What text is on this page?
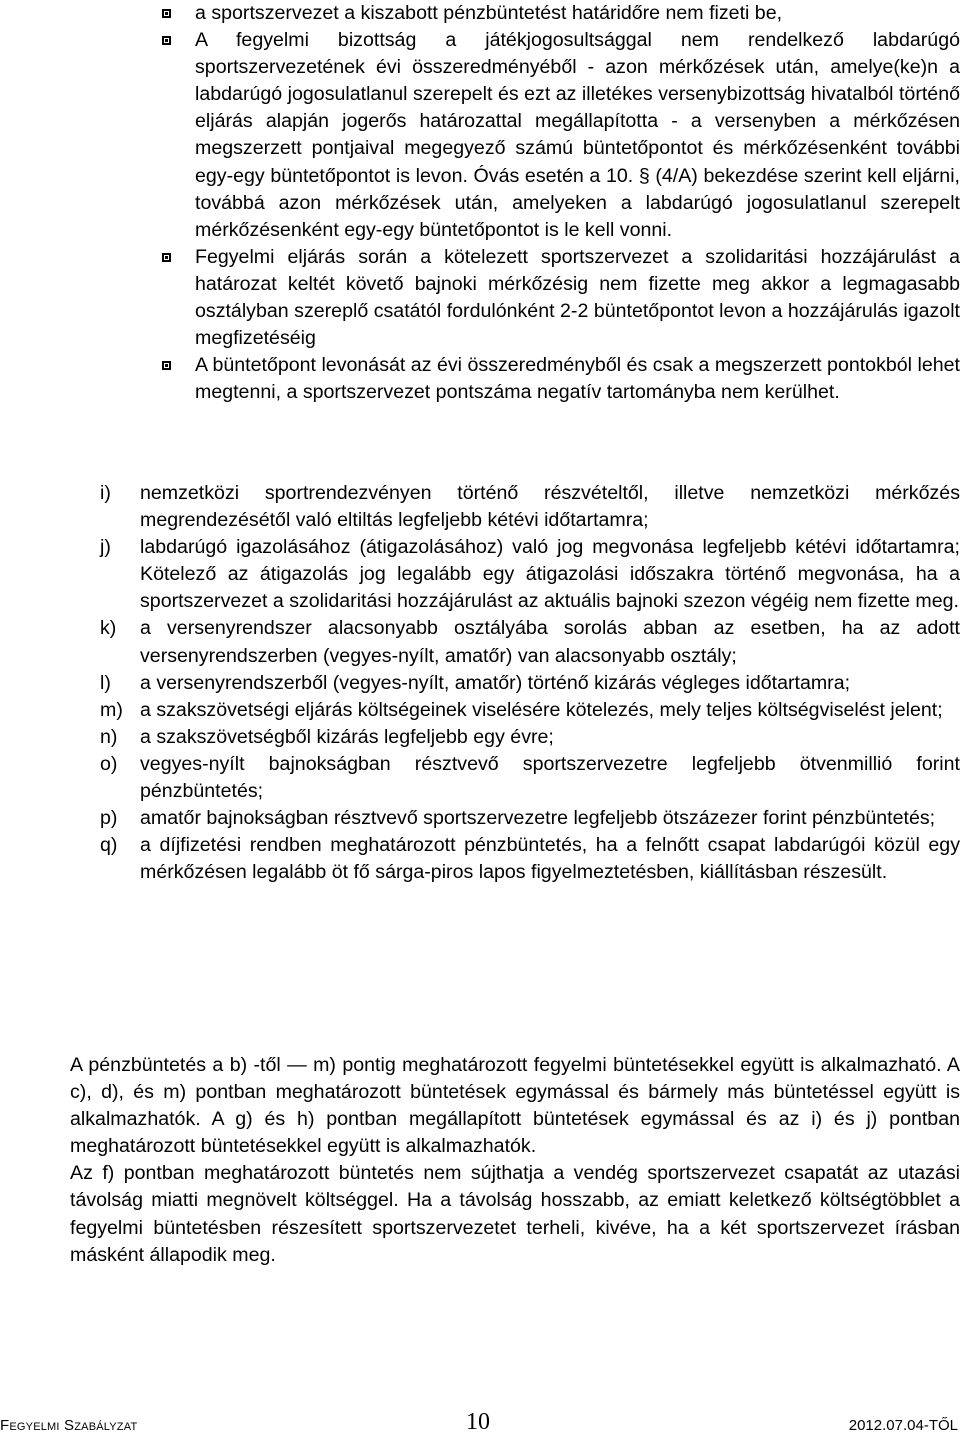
a sportszervezet a kiszabott pénzbüntetést határidőre nem fizeti be,
A fegyelmi bizottság a játékjogosultsággal nem rendelkező labdarúgó sportszervezetének évi összeredményéből - azon mérkőzések után, amelye(ke)n a labdarúgó jogosulatlanul szerepelt és ezt az illetékes versenybizottság hivatalból történő eljárás alapján jogerős határozattal megállapította - a versenyben a mérkőzésen megszerzett pontjaival megegyező számú büntetőpontot és mérkőzésenként további egy-egy büntetőpontot is levon. Óvás esetén a 10. § (4/A) bekezdése szerint kell eljárni, továbbá azon mérkőzések után, amelyeken a labdarúgó jogosulatlanul szerepelt mérkőzésenként egy-egy büntetőpontot is le kell vonni.
Fegyelmi eljárás során a kötelezett sportszervezet a szolidaritási hozzájárulást a határozat keltét követő bajnoki mérkőzésig nem fizette meg akkor a legmagasabb osztályban szereplő csatától fordulónként 2-2 büntetőpontot levon a hozzájárulás igazolt megfizetéséig
A büntetőpont levonását az évi összeredményből és csak a megszerzett pontokból lehet megtenni, a sportszervezet pontszáma negatív tartományba nem kerülhet.
i) nemzetközi sportrendezvényen történő részvételtől, illetve nemzetközi mérkőzés megrendezésétől való eltiltás legfeljebb kétévi időtartamra;
j) labdarúgó igazolásához (átigazolásához) való jog megvonása legfeljebb kétévi időtartamra; Kötelező az átigazolás jog legalább egy átigazolási időszakra történő megvonása, ha a sportszervezet a szolidaritási hozzájárulást az aktuális bajnoki szezon végéig nem fizette meg.
k) a versenyrendszer alacsonyabb osztályába sorolás abban az esetben, ha az adott versenyrendszerben (vegyes-nyílt, amatőr) van alacsonyabb osztály;
l) a versenyrendszerből (vegyes-nyílt, amatőr) történő kizárás végleges időtartamra;
m) a szakszövetségi eljárás költségeinek viselésére kötelezés, mely teljes költségviselést jelent;
n) a szakszövetségből kizárás legfeljebb egy évre;
o) vegyes-nyílt bajnokságban résztvevő sportszervezetre legfeljebb ötvenmillió forint pénzbüntetés;
p) amatőr bajnokságban résztvevő sportszervezetre legfeljebb ötszázezer forint pénzbüntetés;
q) a díjfizetési rendben meghatározott pénzbüntetés, ha a felnőtt csapat labdarúgói közül egy mérkőzésen legalább öt fő sárga-piros lapos figyelmeztetésben, kiállításban részesült.
A pénzbüntetés a b) -től — m) pontig meghatározott fegyelmi büntetésekkel együtt is alkalmazható. A c), d), és m) pontban meghatározott büntetések egymással és bármely más büntetéssel együtt is alkalmazhatók. A g) és h) pontban megállapított büntetések egymással és az i) és j) pontban meghatározott büntetésekkel együtt is alkalmazhatók.
Az f) pontban meghatározott büntetés nem sújthatja a vendég sportszervezet csapatát az utazási távolság miatti megnövelt költséggel. Ha a távolság hosszabb, az emiatt keletkező költségtöbblet a fegyelmi büntetésben részesített sportszervezetet terheli, kivéve, ha a két sportszervezet írásban másként állapodik meg.
Fegyelmi Szabályzat	10	2012.07.04-TŐL
